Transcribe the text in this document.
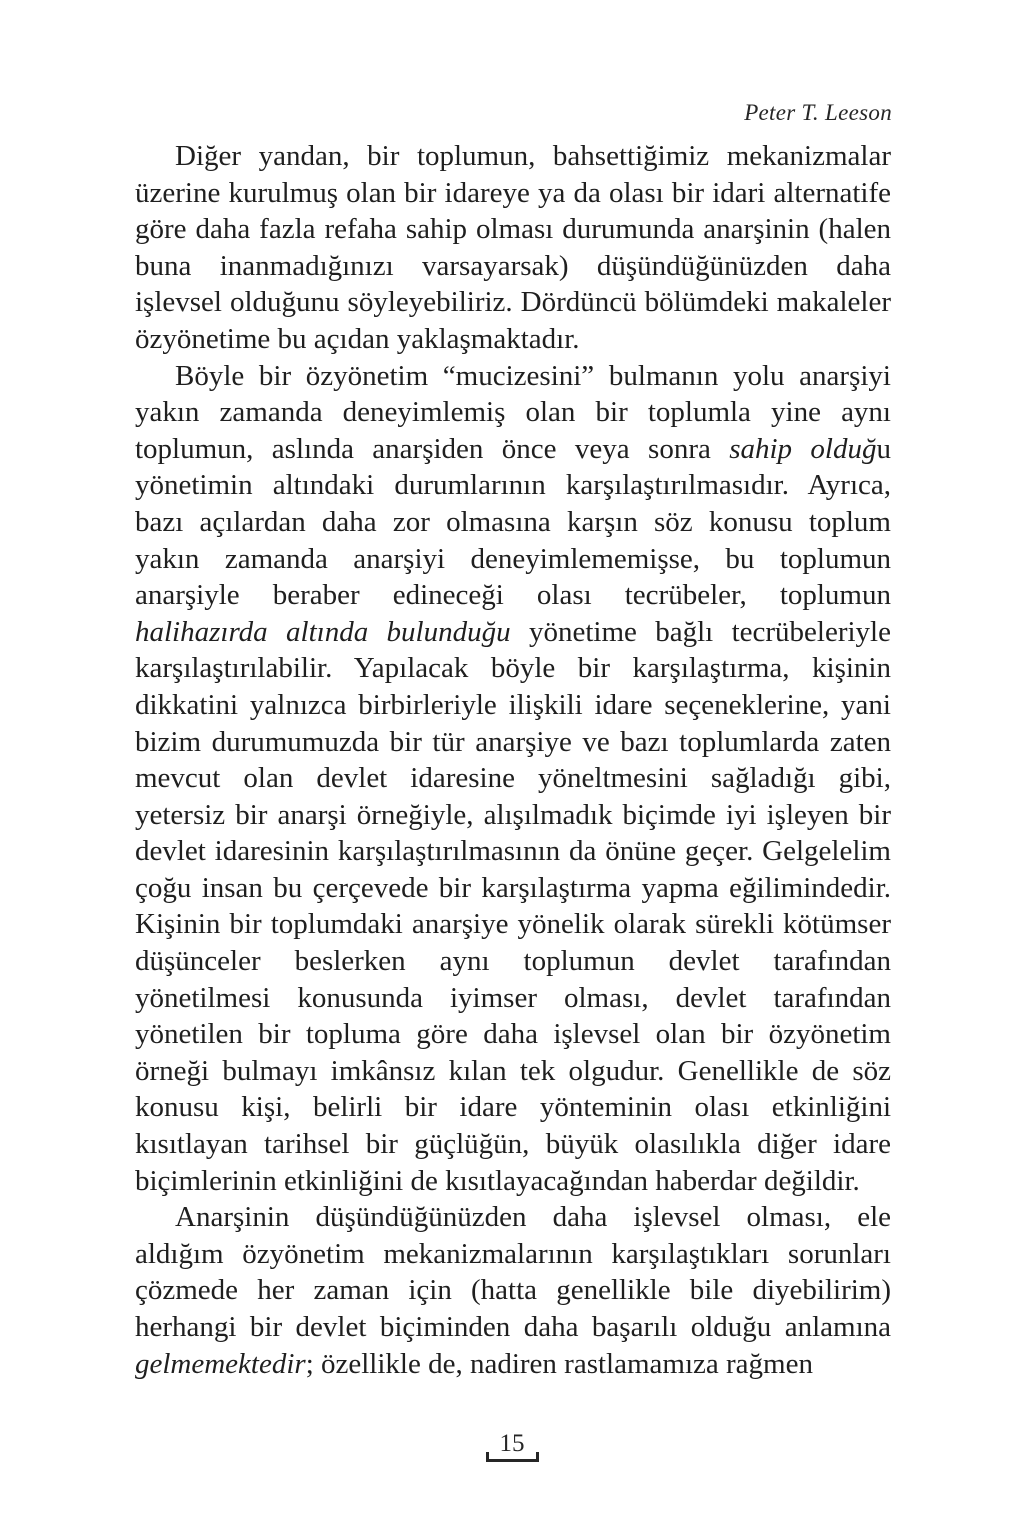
Peter T. Leeson

Diğer yandan, bir toplumun, bahsettiğimiz mekanizmalar üzerine kurulmuş olan bir idareye ya da olası bir idari alternatife göre daha fazla refaha sahip olması durumunda anarşinin (halen buna inanmadığınızı varsayarsak) düşündüğünüzden daha işlevsel olduğunu söyleyebiliriz. Dördüncü bölümdeki makaleler özyönetime bu açıdan yaklaşmaktadır.

Böyle bir özyönetim “mucizesini” bulmanın yolu anarşiyi yakın zamanda deneyimlemiş olan bir toplumla yine aynı toplumun, aslında anarşiden önce veya sonra sahip olduğu yönetimin altındaki durumlarının karşılaştırılmasıdır. Ayrıca, bazı açılardan daha zor olmasına karşın söz konusu toplum yakın zamanda anarşiyi deneyimlememişse, bu toplumun anarşiyle beraber edineceği olası tecrübeler, toplumun halihazırda altında bulunduğu yönetime bağlı tecrübeleriyle karşılaştırılabilir. Yapılacak böyle bir karşılaştırma, kişinin dikkatini yalnızca birbirleriyle ilişkili idare seçeneklerine, yani bizim durumumuzda bir tür anarşiye ve bazı toplumlarda zaten mevcut olan devlet idaresine yöneltmesini sağladığı gibi, yetersiz bir anarşi örneğiyle, alışılmadık biçimde iyi işleyen bir devlet idaresinin karşılaştırılmasının da önüne geçer. Gelgelelim çoğu insan bu çerçevede bir karşılaştırma yapma eğilimindedir. Kişinin bir toplumdaki anarşiye yönelik olarak sürekli kötümser düşünceler beslerken aynı toplumun devlet tarafından yönetilmesi konusunda iyimser olması, devlet tarafından yönetilen bir topluma göre daha işlevsel olan bir özyönetim örneği bulmayı imkânsız kılan tek olgudur. Genellikle de söz konusu kişi, belirli bir idare yönteminin olası etkinliğini kısıtlayan tarihsel bir güçlüğün, büyük olasılıkla diğer idare biçimlerinin etkinliğini de kısıtlayacağından haberdar değildir.

Anarşinin düşündüğünüzden daha işlevsel olması, ele aldığım özyönetim mekanizmalarının karşılaştıkları sorunları çözmede her zaman için (hatta genellikle bile diyebilirim) herhangi bir devlet biçiminden daha başarılı olduğu anlamına gelmemektedir; özellikle de, nadiren rastlamamıza rağmen

15
